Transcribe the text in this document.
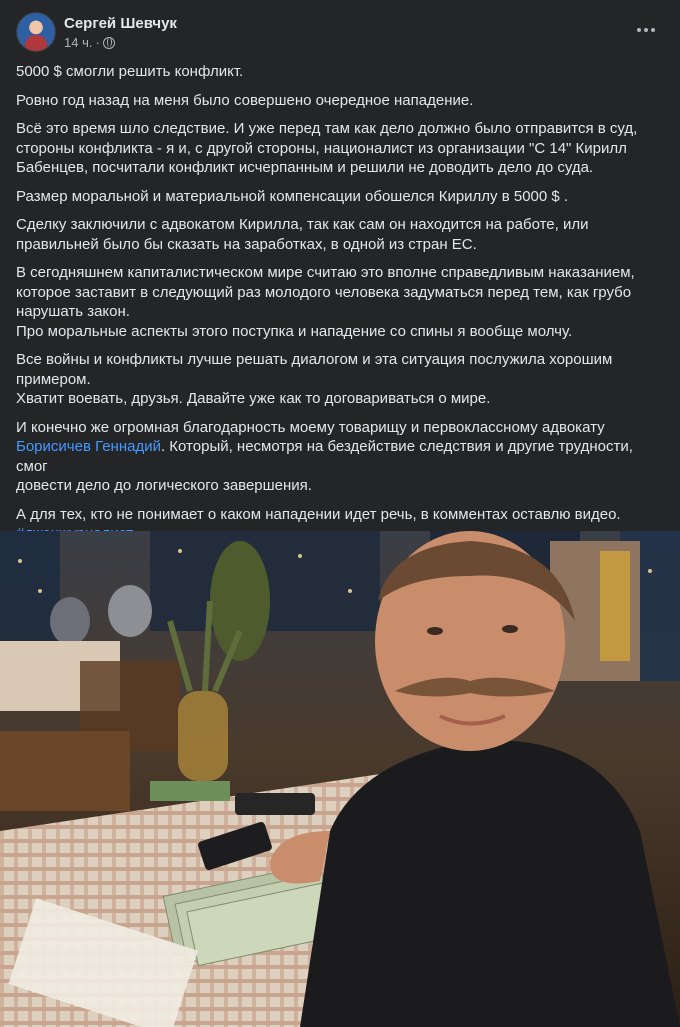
Сергей Шевчук
14 ч. ·

5000 $ смогли решить конфликт.

Ровно год назад на меня было совершено очередное нападение.

Всё это время шло следствие. И уже перед там как дело должно было отправится в суд,
стороны конфликта - я и, с другой стороны, националист из организации "С 14" Кирилл
Бабенцев, посчитали конфликт исчерпанным и решили не доводить дело до суда.

Размер моральной и материальной компенсации обошелся Кириллу в 5000 $ .

Сделку заключили с адвокатом Кирилла, так как сам он находится на работе, или
правильней было бы сказать на заработках, в одной из стран ЕС.

В сегодняшнем капиталистическом мире считаю это вполне справедливым наказанием,
которое заставит в следующий раз молодого человека задуматься перед тем, как грубо
нарушать закон.
Про моральные аспекты этого поступка и нападение со спины я вообще молчу.

Все войны и конфликты лучше решать диалогом и эта ситуация послужила хорошим
примером.
Хватит воевать, друзья. Давайте уже как то договариваться о мире.

И конечно же огромная благодарность моему товарищу и первоклассному адвокату
Борисичев Геннадий. Который, несмотря на бездействие следствия и другие трудности, смог
довести дело до логического завершения.

А для тех, кто не понимает о каком нападении идет речь, в комментах оставлю видео.
